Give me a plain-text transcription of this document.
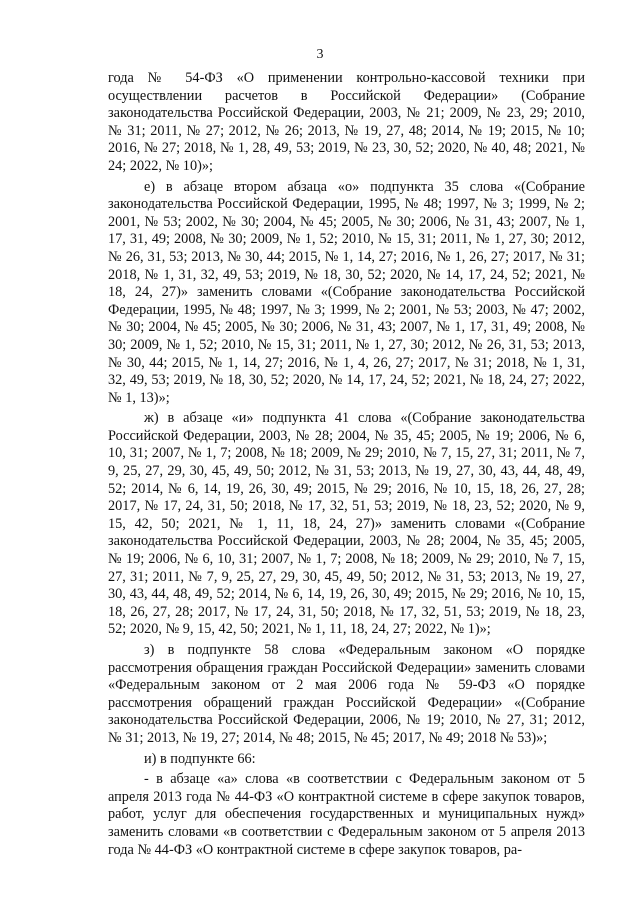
3

года № 54-ФЗ «О применении контрольно-кассовой техники при осуществлении расчетов в Российской Федерации» (Собрание законодательства Российской Федерации, 2003, № 21; 2009, № 23, 29; 2010, № 31; 2011, № 27; 2012, № 26; 2013, № 19, 27, 48; 2014, № 19; 2015, № 10; 2016, № 27; 2018, № 1, 28, 49, 53; 2019, № 23, 30, 52; 2020, № 40, 48; 2021, № 24; 2022, № 10)»;

е) в абзаце втором абзаца «о» подпункта 35 слова «(Собрание законодательства Российской Федерации, 1995, № 48; 1997, № 3; 1999, № 2; 2001, № 53; 2002, № 30; 2004, № 45; 2005, № 30; 2006, № 31, 43; 2007, № 1, 17, 31, 49; 2008, № 30; 2009, № 1, 52; 2010, № 15, 31; 2011, № 1, 27, 30; 2012, № 26, 31, 53; 2013, № 30, 44; 2015, № 1, 14, 27; 2016, № 1, 26, 27; 2017, № 31; 2018, № 1, 31, 32, 49, 53; 2019, № 18, 30, 52; 2020, № 14, 17, 24, 52; 2021, № 18, 24, 27)» заменить словами «(Собрание законодательства Российской Федерации, 1995, № 48; 1997, № 3; 1999, № 2; 2001, № 53; 2003, № 47; 2002, № 30; 2004, № 45; 2005, № 30; 2006, № 31, 43; 2007, № 1, 17, 31, 49; 2008, № 30; 2009, № 1, 52; 2010, № 15, 31; 2011, № 1, 27, 30; 2012, № 26, 31, 53; 2013, № 30, 44; 2015, № 1, 14, 27; 2016, № 1, 4, 26, 27; 2017, № 31; 2018, № 1, 31, 32, 49, 53; 2019, № 18, 30, 52; 2020, № 14, 17, 24, 52; 2021, № 18, 24, 27; 2022, № 1, 13)»;

ж) в абзаце «и» подпункта 41 слова «(Собрание законодательства Российской Федерации, 2003, № 28; 2004, № 35, 45; 2005, № 19; 2006, № 6, 10, 31; 2007, № 1, 7; 2008, № 18; 2009, № 29; 2010, № 7, 15, 27, 31; 2011, № 7, 9, 25, 27, 29, 30, 45, 49, 50; 2012, № 31, 53; 2013, № 19, 27, 30, 43, 44, 48, 49, 52; 2014, № 6, 14, 19, 26, 30, 49; 2015, № 29; 2016, № 10, 15, 18, 26, 27, 28; 2017, № 17, 24, 31, 50; 2018, № 17, 32, 51, 53; 2019, № 18, 23, 52; 2020, № 9, 15, 42, 50; 2021, № 1, 11, 18, 24, 27)» заменить словами «(Собрание законодательства Российской Федерации, 2003, № 28; 2004, № 35, 45; 2005, № 19; 2006, № 6, 10, 31; 2007, № 1, 7; 2008, № 18; 2009, № 29; 2010, № 7, 15, 27, 31; 2011, № 7, 9, 25, 27, 29, 30, 45, 49, 50; 2012, № 31, 53; 2013, № 19, 27, 30, 43, 44, 48, 49, 52; 2014, № 6, 14, 19, 26, 30, 49; 2015, № 29; 2016, № 10, 15, 18, 26, 27, 28; 2017, № 17, 24, 31, 50; 2018, № 17, 32, 51, 53; 2019, № 18, 23, 52; 2020, № 9, 15, 42, 50; 2021, № 1, 11, 18, 24, 27; 2022, № 1)»;

з) в подпункте 58 слова «Федеральным законом «О порядке рассмотрения обращения граждан Российской Федерации» заменить словами «Федеральным законом от 2 мая 2006 года № 59-ФЗ «О порядке рассмотрения обращений граждан Российской Федерации» «(Собрание законодательства Российской Федерации, 2006, № 19; 2010, № 27, 31; 2012, № 31; 2013, № 19, 27; 2014, № 48; 2015, № 45; 2017, № 49; 2018 № 53)»;

и) в подпункте 66:

- в абзаце «а» слова «в соответствии с Федеральным законом от 5 апреля 2013 года № 44-ФЗ «О контрактной системе в сфере закупок товаров, работ, услуг для обеспечения государственных и муниципальных нужд» заменить словами «в соответствии с Федеральным законом от 5 апреля 2013 года № 44-ФЗ «О контрактной системе в сфере закупок товаров, ра-
